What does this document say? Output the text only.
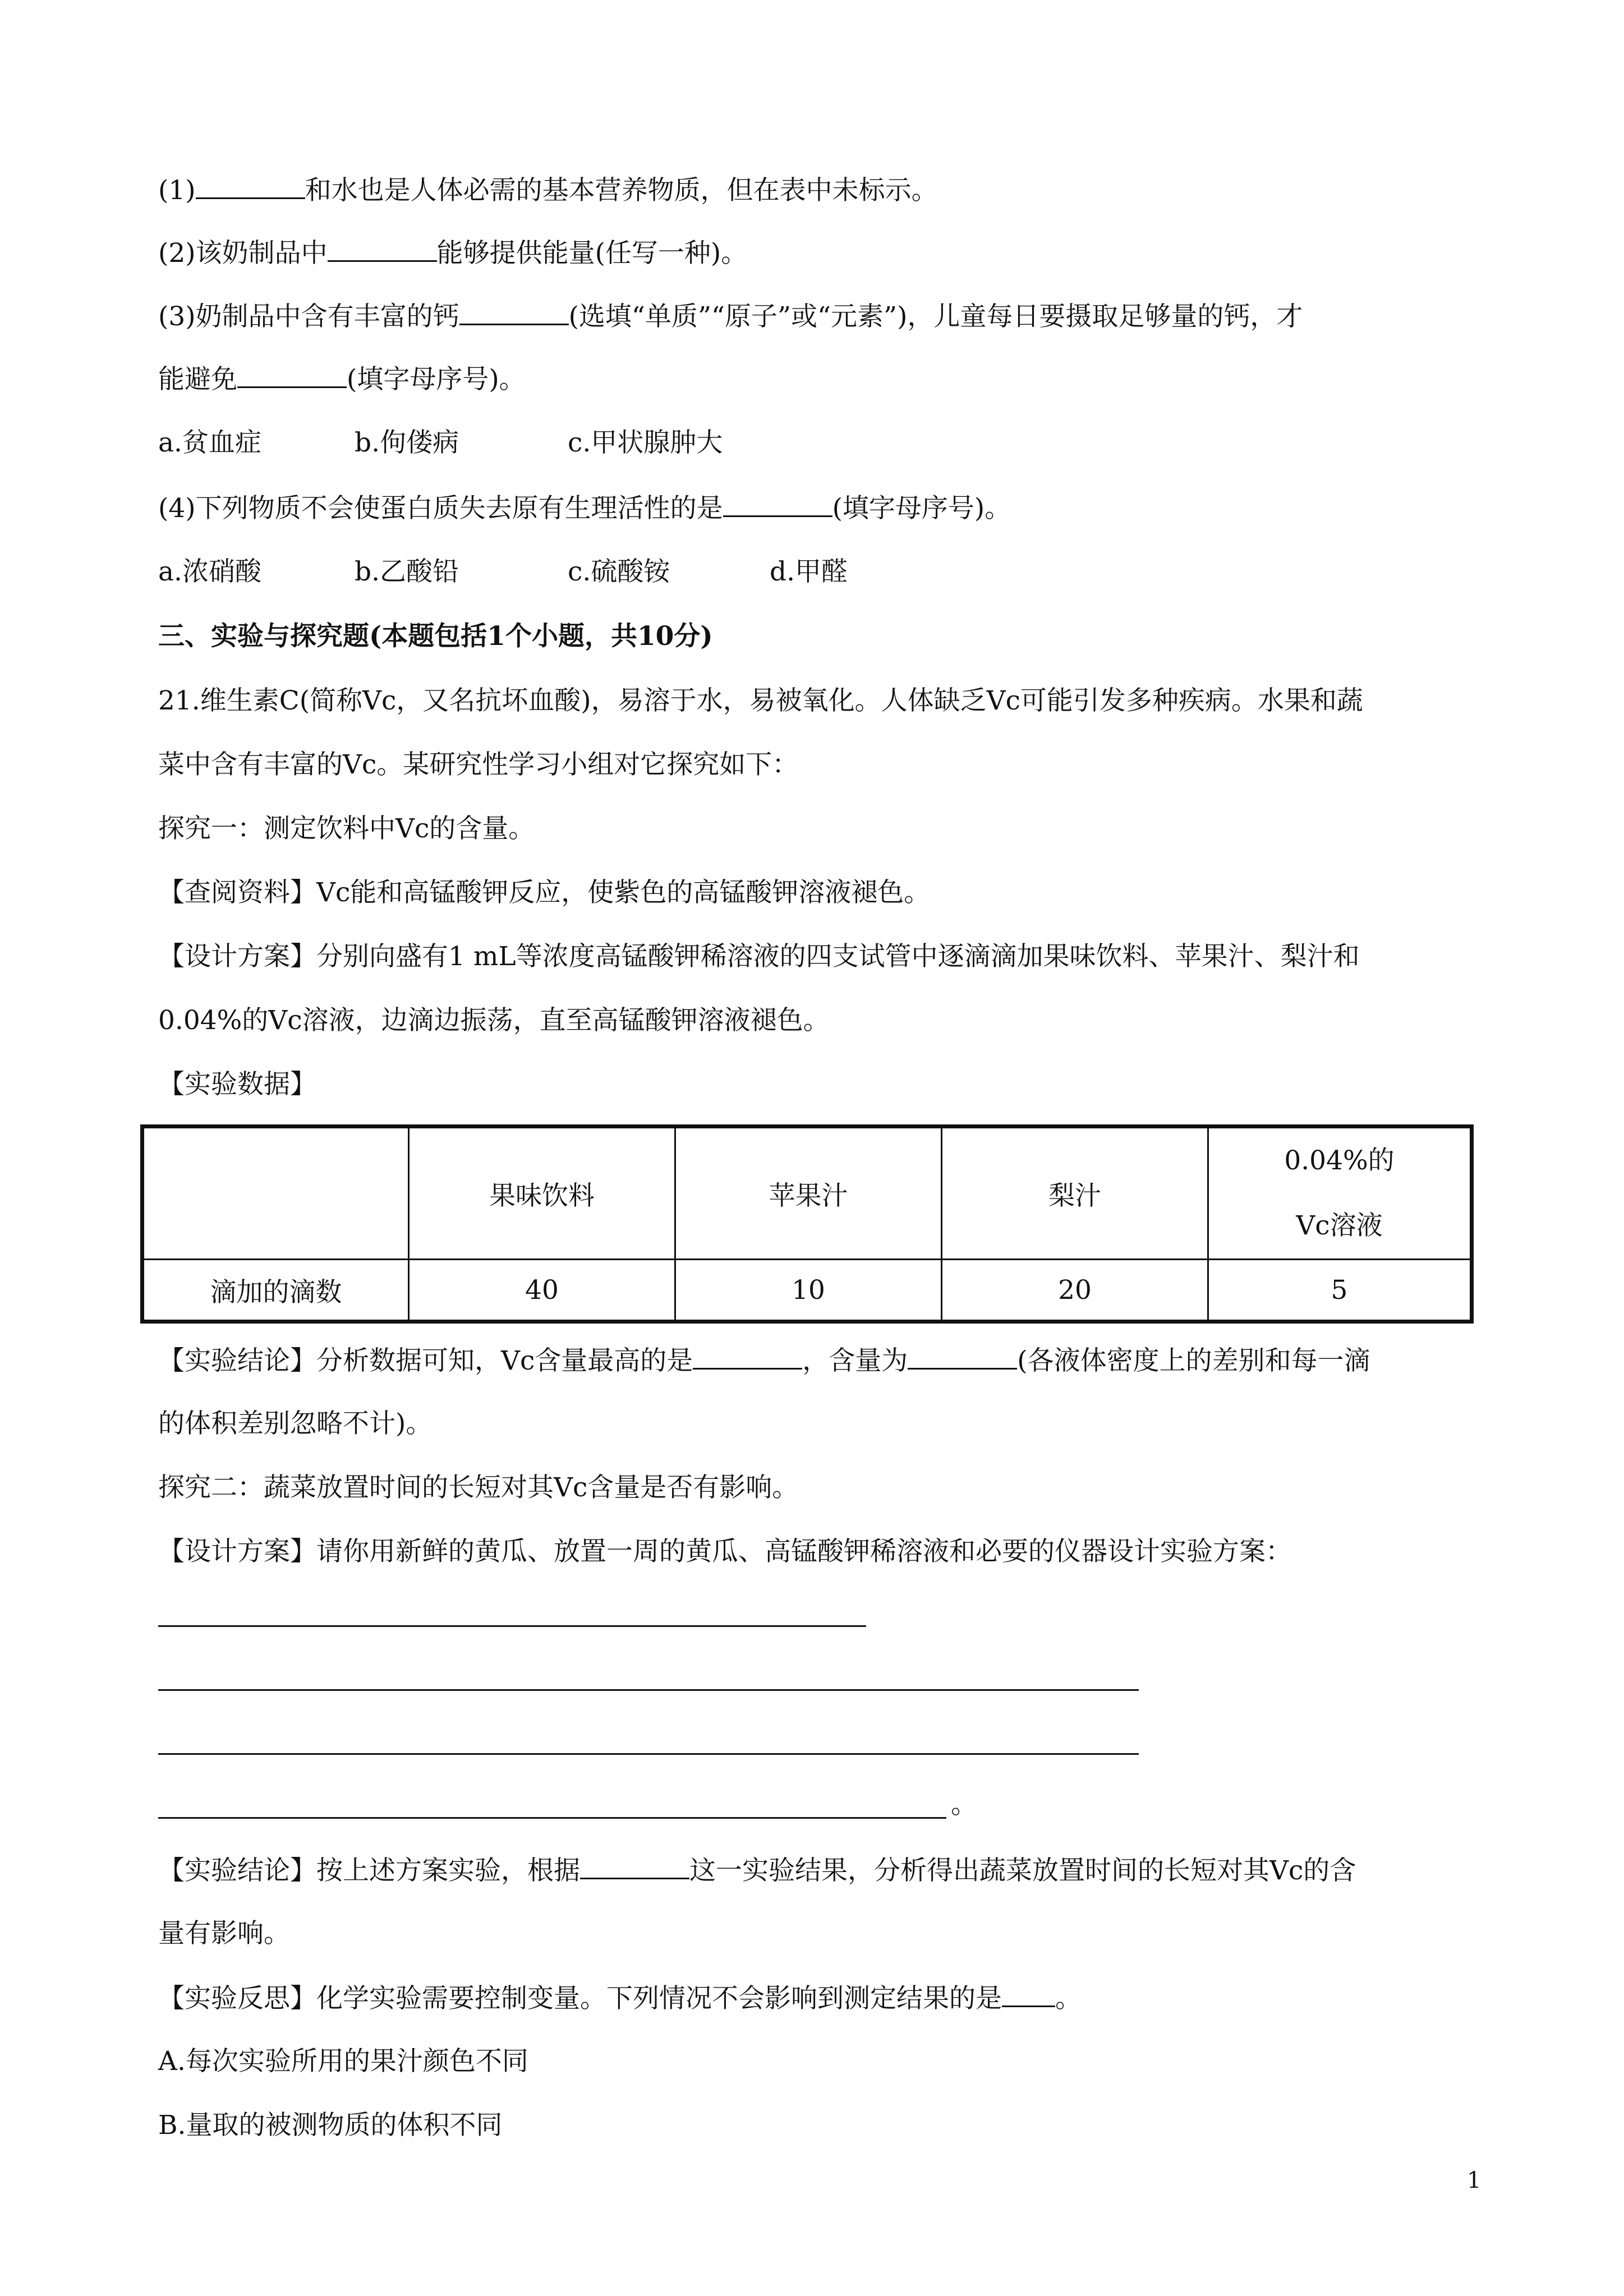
(1)	和水也是人体必需的基本营养物质，但在表中未标示。

(2)该奶制品中	能够提供能量(任写一种)。

(3)奶制品中含有丰富的钙	(选填“单质”“原子”或“元素”)，儿童每日要摄取足够量的钙，才

能避免	(填字母序号)。

a.贫血症	b.佝偻病	c.甲状腺肿大

(4)下列物质不会使蛋白质失去原有生理活性的是	(填字母序号)。

a.浓硝酸	b.乙酸铅	c.硫酸铵	d.甲醛

三、实验与探究题(本题包括1个小题，共10分)

21.维生素C(简称Vc，又名抗坏血酸)，易溶于水，易被氧化。人体缺乏Vc可能引发多种疾病。水果和蔬

菜中含有丰富的Vc。某研究性学习小组对它探究如下：

探究一：测定饮料中Vc的含量。

【查阅资料】Vc能和高锰酸钾反应，使紫色的高锰酸钾溶液褪色。

【设计方案】分别向盛有1 mL等浓度高锰酸钾稀溶液的四支试管中逐滴滴加果味饮料、苹果汁、梨汁和

0.04%的Vc溶液，边滴边振荡，直至高锰酸钾溶液褪色。

【实验数据】

	果味饮料	苹果汁	梨汁	0.04%的
Vc溶液

滴加的滴数	40	10	20	5

【实验结论】分析数据可知，Vc含量最高的是	，含量为	(各液体密度上的差别和每一滴

的体积差别忽略不计)。

探究二：蔬菜放置时间的长短对其Vc含量是否有影响。

【设计方案】请你用新鲜的黄瓜、放置一周的黄瓜、高锰酸钾稀溶液和必要的仪器设计实验方案：

。

【实验结论】按上述方案实验，根据	这一实验结果，分析得出蔬菜放置时间的长短对其Vc的含

量有影响。

【实验反思】化学实验需要控制变量。下列情况不会影响到测定结果的是 。

A.每次实验所用的果汁颜色不同

B.量取的被测物质的体积不同

1
